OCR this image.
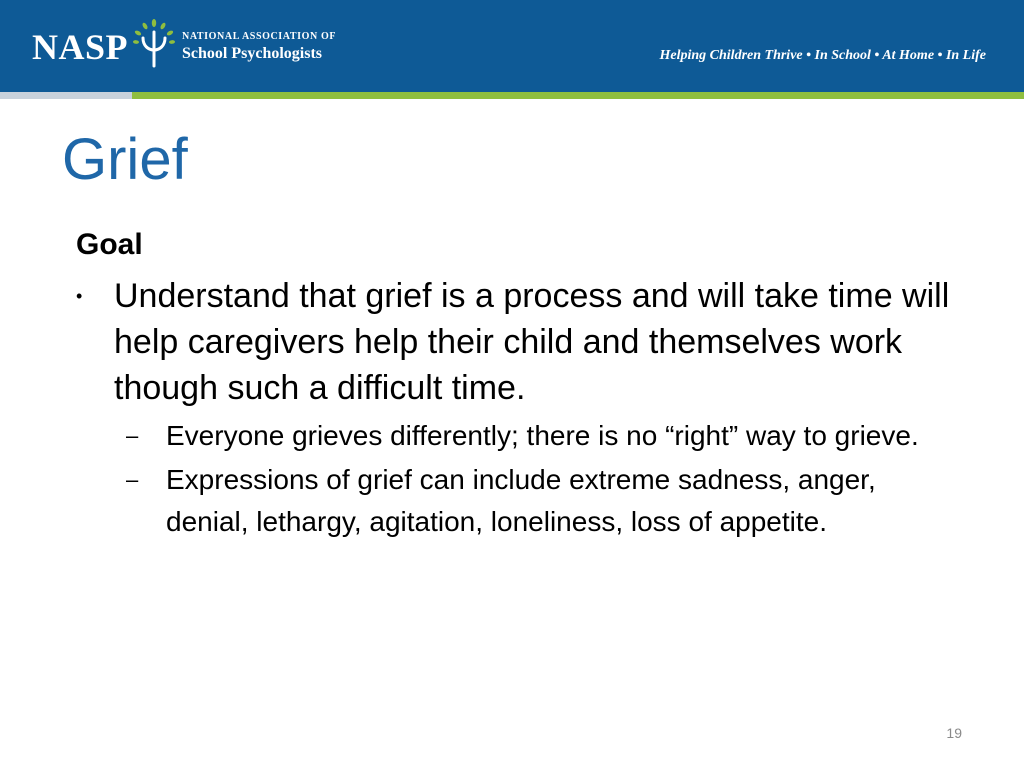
NASP	NATIONAL ASSOCIATION OF
School Psychologists	Helping Children Thrive • In School • At Home • In Life
Grief

Goal

• Understand that grief is a process and will take time will help caregivers help their child and themselves work though such a difficult time.

– Everyone grieves differently; there is no “right” way to grieve.

– Expressions of grief can include extreme sadness, anger, denial, lethargy, agitation, loneliness, loss of appetite.

19
